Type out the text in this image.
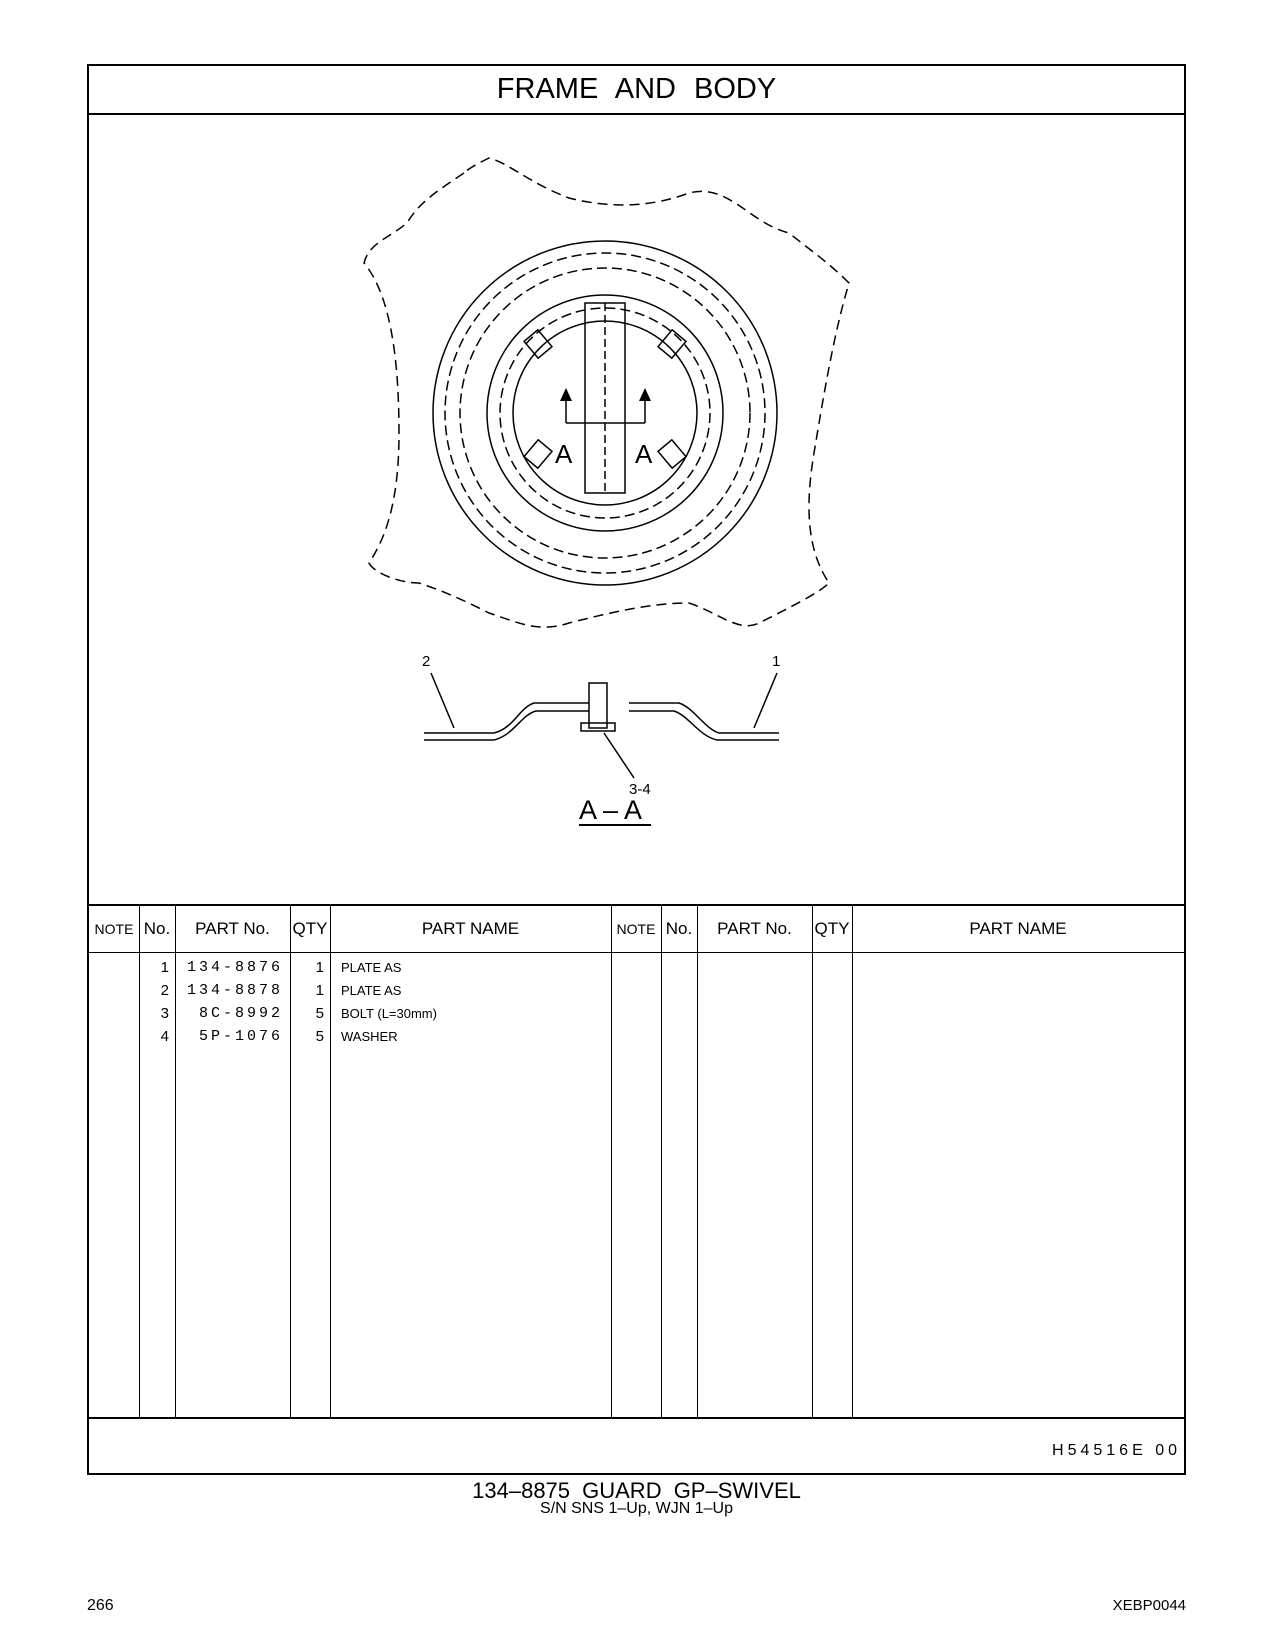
FRAME AND BODY
A A
2	1
3-4
A – A
NOTE No.	PART No.	QTY	PART NAME	NOTE No.	PART No.	QTY	PART NAME
1	134-8876	1 PLATE AS
2	134-8878	1 PLATE AS
3	8C-8992	5 BOLT (L=30mm)
4	5P-1076	5 WASHER
H54516E 00
134–8875 GUARD GP–SWIVEL
S/N SNS 1–Up, WJN 1–Up
266	XEBP0044
